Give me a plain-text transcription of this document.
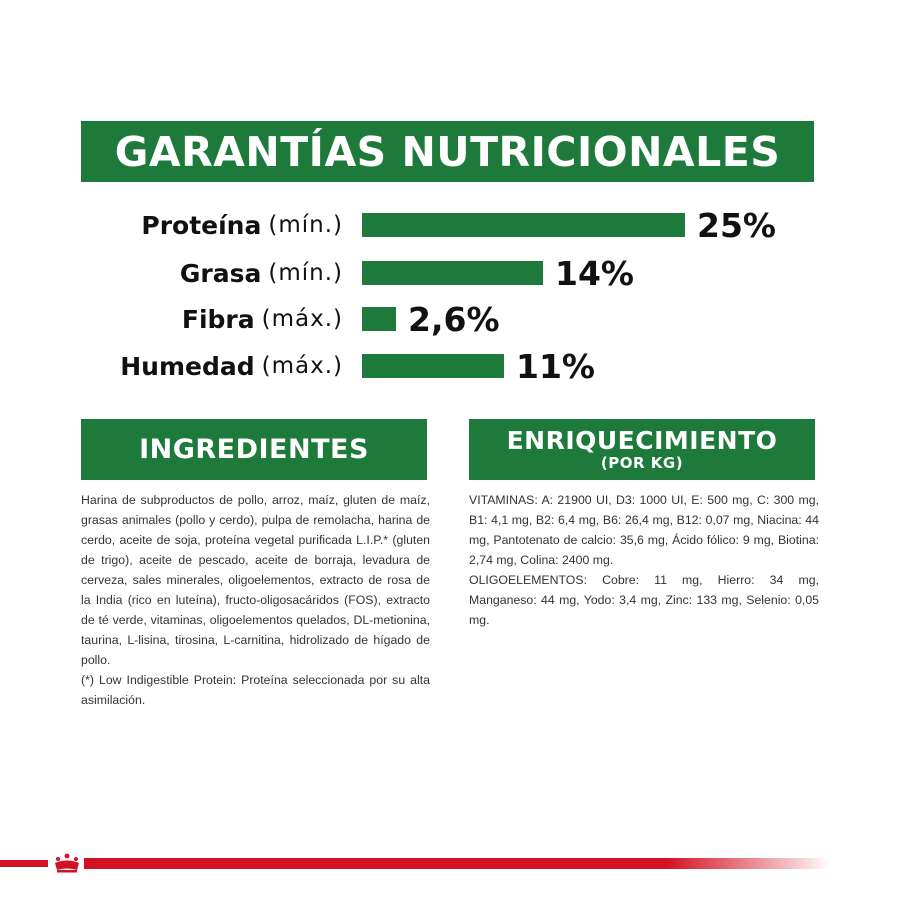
GARANTÍAS NUTRICIONALES
Proteína (mín.)	25%
Grasa (mín.)	14%
Fibra (máx.) 2,6%
Humedad (máx.)	11%
INGREDIENTES	ENRIQUECIMIENTO
(POR KG)

Harina de subproductos de pollo, arroz, maíz, gluten de maíz, grasas animales (pollo y cerdo), pulpa de remolacha, harina de cerdo, aceite de soja, proteína vegetal purificada L.I.P.* (gluten de trigo), aceite de pescado, aceite de borraja, levadura de cerveza, sales minerales, oligoelementos, extracto de rosa de la India (rico en luteína), fructo-oligosacáridos (FOS), extracto de té verde, vitaminas, oligoelementos quelados, DL-metionina, taurina, L-lisina, tirosina, L-carnitina, hidrolizado de hígado de pollo.

(*) Low Indigestible Protein: Proteína seleccionada por su alta asimilación.

VITAMINAS: A: 21900 UI, D3: 1000 UI, E: 500 mg, C: 300 mg, B1: 4,1 mg, B2: 6,4 mg, B6: 26,4 mg, B12: 0,07 mg, Niacina: 44 mg, Pantotenato de calcio: 35,6 mg, Ácido fólico: 9 mg, Biotina: 2,74 mg, Colina: 2400 mg.

OLIGOELEMENTOS: Cobre: 11 mg, Hierro: 34 mg, Manganeso: 44 mg, Yodo: 3,4 mg, Zinc: 133 mg, Selenio: 0,05 mg.
